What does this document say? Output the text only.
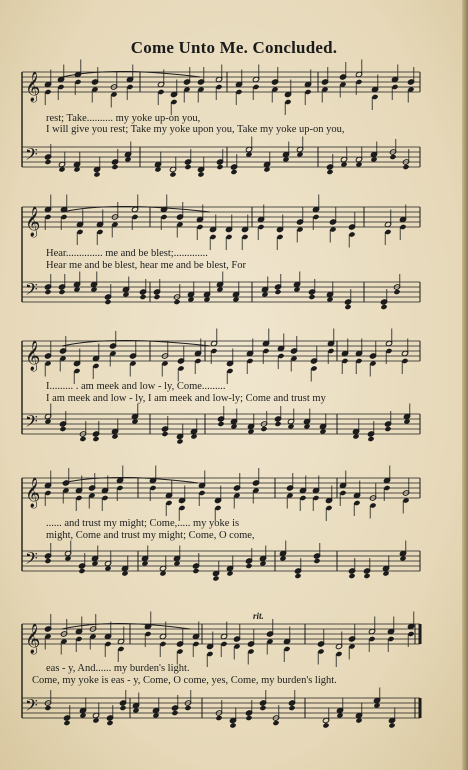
Come Unto Me. Concluded.
𝄞
𝄢
𝄞
𝄢
𝄞
𝄢
𝄞
𝄢
𝄞
𝄢
rest; Take.......... my yoke up-on you,
I will give you rest; Take my yoke upon you, Take my yoke up-on you,
Hear.............. me and be blest;.............
Hear me and be blest, hear me and be blest, For
I......... . am meek and low - ly, Come.........
I am meek and low - ly, I am meek and low-ly; Come and trust my
...... and trust my might; Come,..... my yoke is
might, Come and trust my might; Come, O come,
eas - y, And...... my burden's light.
Come, my yoke is eas - y, Come, O come, yes, Come, my burden's light.
rit.
